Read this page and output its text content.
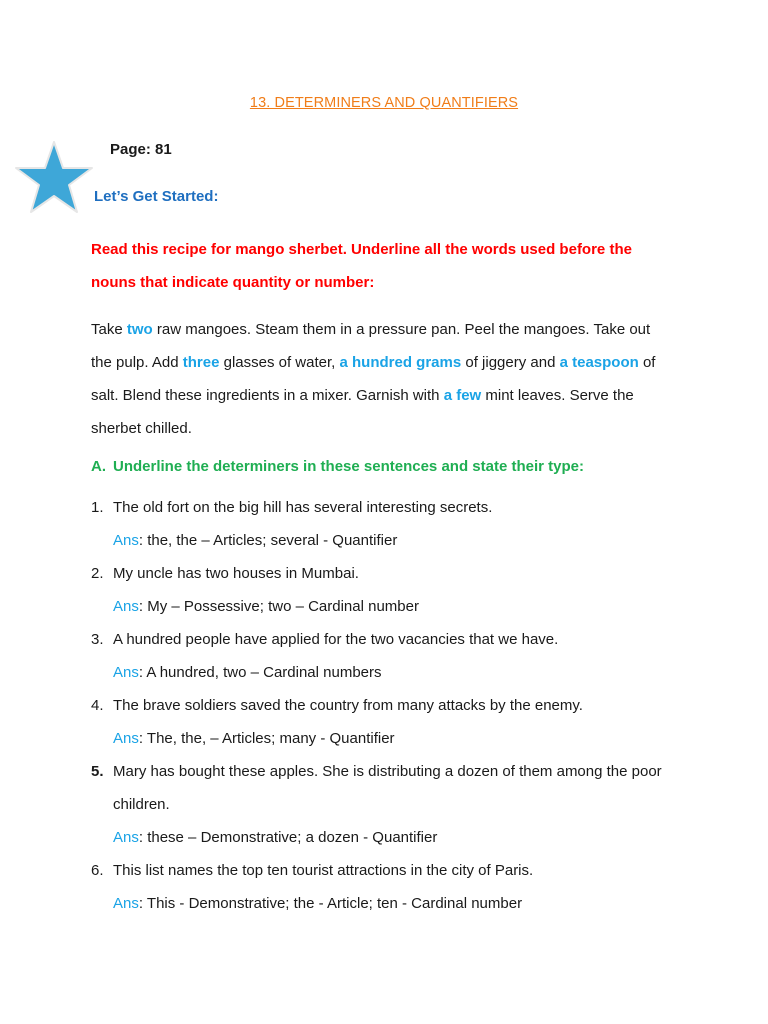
13. DETERMINERS AND QUANTIFIERS
Page: 81
Let’s Get Started:
Read this recipe for mango sherbet. Underline all the words used before the nouns that indicate quantity or number:
Take two raw mangoes. Steam them in a pressure pan. Peel the mangoes. Take out the pulp. Add three glasses of water, a hundred grams of jiggery and a teaspoon of salt. Blend these ingredients in a mixer. Garnish with a few mint leaves. Serve the sherbet chilled.
A. Underline the determiners in these sentences and state their type:
1. The old fort on the big hill has several interesting secrets.
Ans: the, the – Articles; several - Quantifier
2. My uncle has two houses in Mumbai.
Ans: My – Possessive; two – Cardinal number
3. A hundred people have applied for the two vacancies that we have.
Ans: A hundred, two – Cardinal numbers
4. The brave soldiers saved the country from many attacks by the enemy.
Ans: The, the, – Articles; many - Quantifier
5. Mary has bought these apples. She is distributing a dozen of them among the poor children.
Ans: these – Demonstrative; a dozen - Quantifier
6. This list names the top ten tourist attractions in the city of Paris.
Ans: This - Demonstrative; the - Article; ten - Cardinal number
